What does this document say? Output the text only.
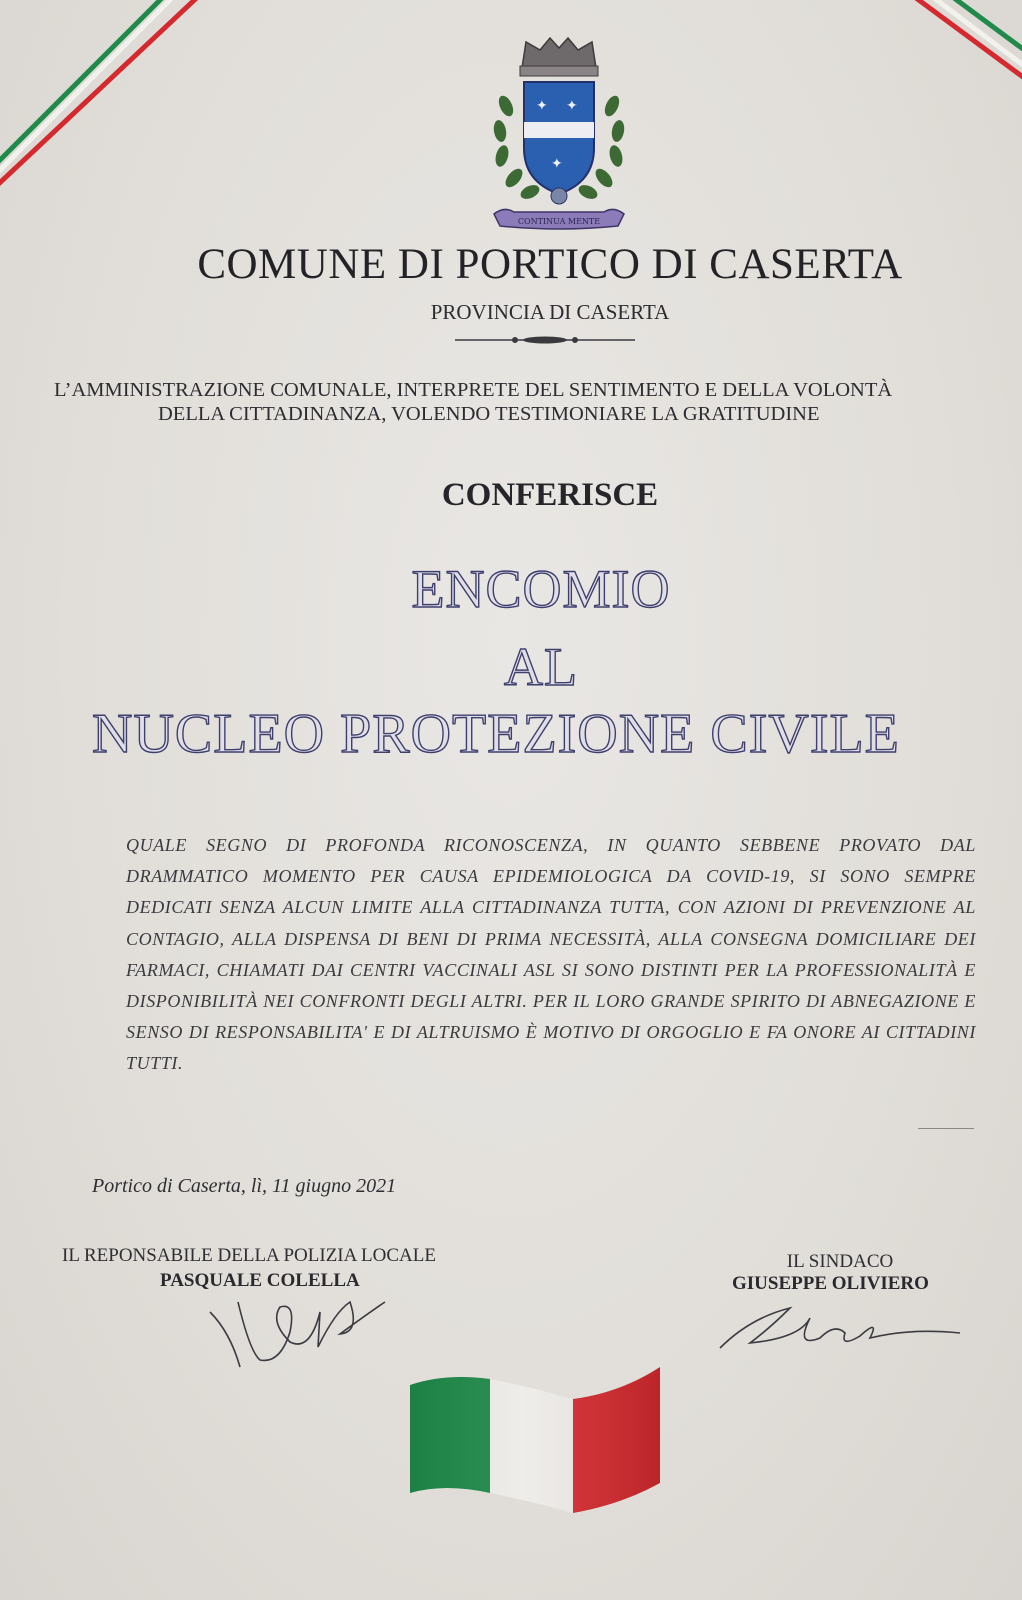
✦ ✦
✦
CONTINUA MENTE
COMUNE DI PORTICO DI CASERTA
PROVINCIA DI CASERTA
L’AMMINISTRAZIONE COMUNALE, INTERPRETE DEL SENTIMENTO E DELLA VOLONTÀ
DELLA CITTADINANZA, VOLENDO TESTIMONIARE LA GRATITUDINE
CONFERISCE
ENCOMIO
AL
NUCLEO PROTEZIONE CIVILE
QUALE SEGNO DI PROFONDA RICONOSCENZA, IN QUANTO SEBBENE PROVATO DAL DRAMMATICO MOMENTO PER CAUSA EPIDEMIOLOGICA DA COVID-19, SI SONO SEMPRE DEDICATI SENZA ALCUN LIMITE ALLA CITTADINANZA TUTTA, CON AZIONI DI PREVENZIONE AL CONTAGIO, ALLA DISPENSA DI BENI DI PRIMA NECESSITÀ, ALLA CONSEGNA DOMICILIARE DEI FARMACI, CHIAMATI DAI CENTRI VACCINALI ASL SI SONO DISTINTI PER LA PROFESSIONALITÀ E DISPONIBILITÀ NEI CONFRONTI DEGLI ALTRI. PER IL LORO GRANDE SPIRITO DI ABNEGAZIONE E SENSO DI RESPONSABILITA' E DI ALTRUISMO È MOTIVO DI ORGOGLIO E FA ONORE AI CITTADINI TUTTI.
Portico di Caserta, lì, 11 giugno 2021
IL REPONSABILE DELLA POLIZIA LOCALE
PASQUALE COLELLA
IL SINDACO
GIUSEPPE OLIVIERO
